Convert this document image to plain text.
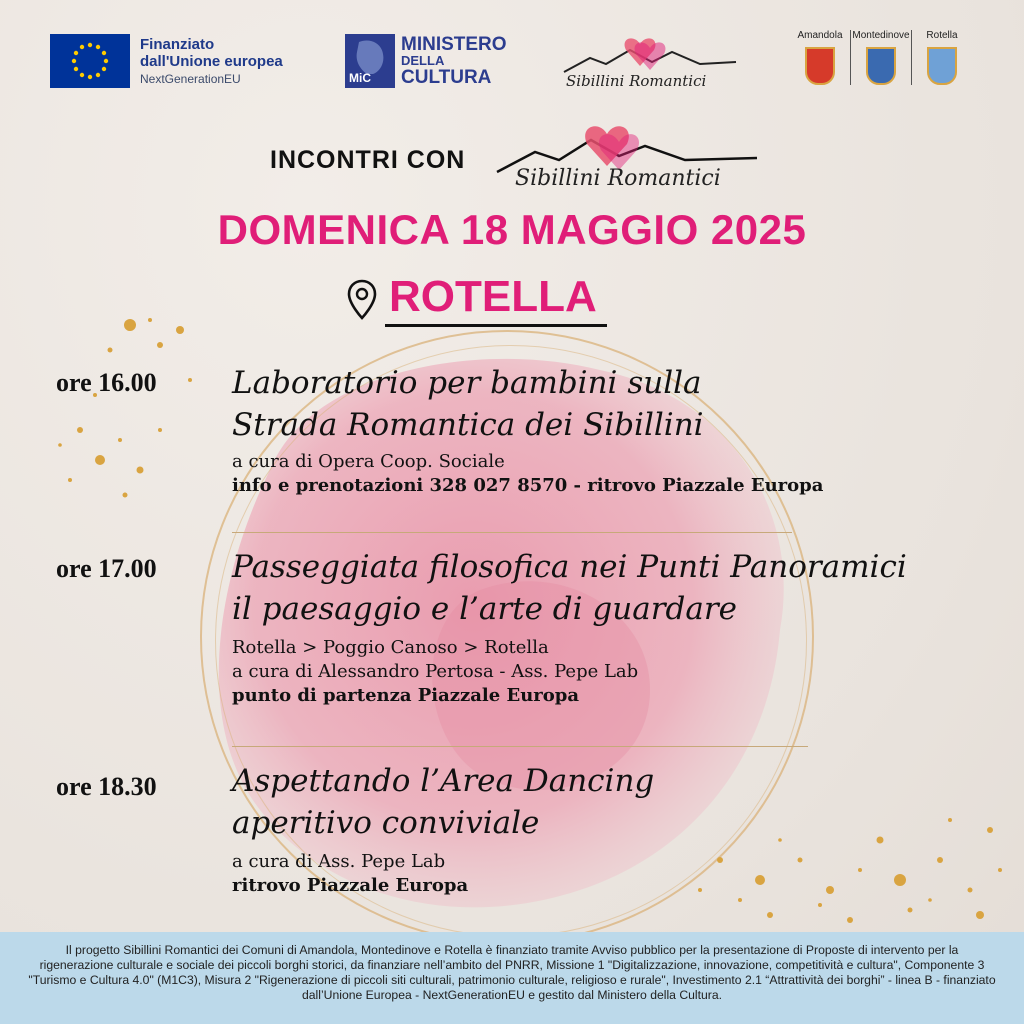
Finanziato
dall'Unione europea
NextGenerationEU	MiC
MINISTERO
DELLA
CULTURA	Sibillini Romantici
Amandola Montedinove	Rotella
INCONTRI CON
Sibillini Romantici
DOMENICA 18 MAGGIO 2025
ROTELLA
ore 16.00 Laboratorio per bambini sulla
Strada Romantica dei Sibillini
a cura di Opera Coop. Sociale
info e prenotazioni 328 027 8570 - ritrovo Piazzale Europa
ore 17.00 Passeggiata filosofica nei Punti Panoramici
il paesaggio e l’arte di guardare
Rotella > Poggio Canoso > Rotella
a cura di Alessandro Pertosa - Ass. Pepe Lab
punto di partenza Piazzale Europa
ore 18.30 Aspettando l’Area Dancing
aperitivo conviviale
a cura di Ass. Pepe Lab
ritrovo Piazzale Europa
Il progetto Sibillini Romantici dei Comuni di Amandola, Montedinove e Rotella è finanziato tramite Avviso pubblico per la presentazione di Proposte di intervento per la rigenerazione culturale e sociale dei piccoli borghi storici, da finanziare nell’ambito del PNRR, Missione 1 "Digitalizzazione, innovazione, competitività e cultura", Componente 3 "Turismo e Cultura 4.0" (M1C3), Misura 2 "Rigenerazione di piccoli siti culturali, patrimonio culturale, religioso e rurale", Investimento 2.1 “Attrattività dei borghi” - linea B - finanziato dall’Unione Europea - NextGenerationEU e gestito dal Ministero della Cultura.
